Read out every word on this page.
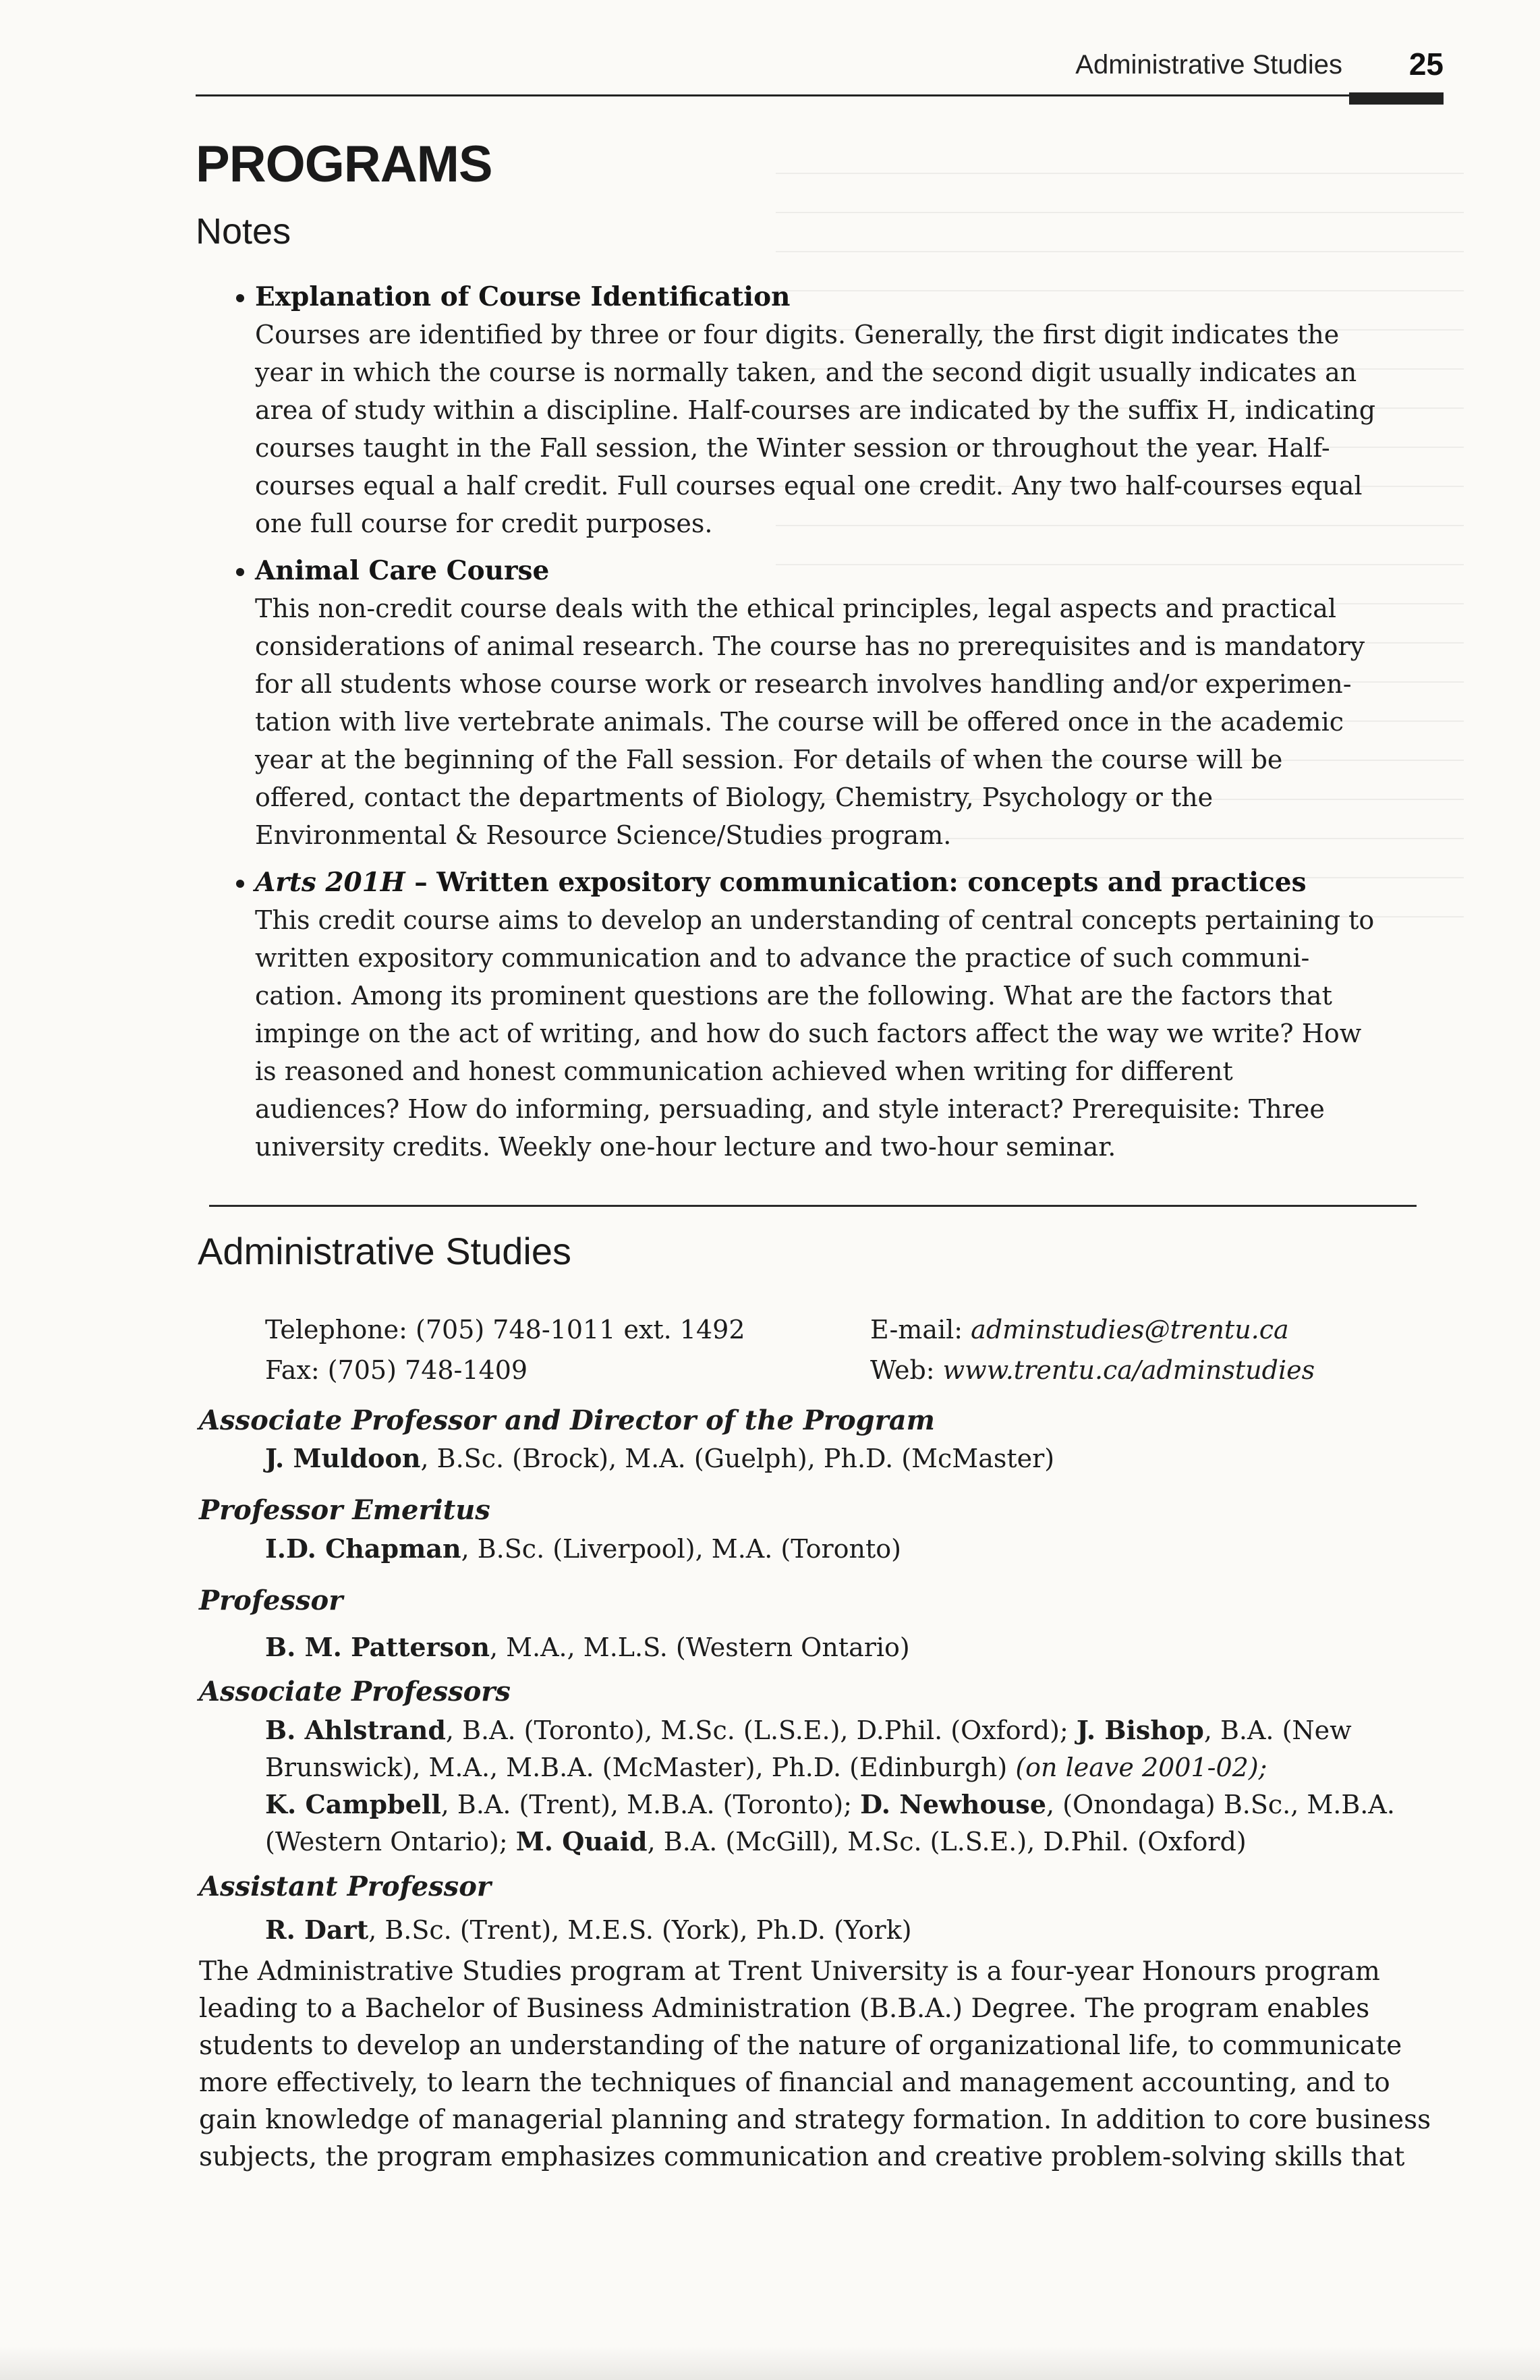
Administrative Studies 25
PROGRAMS
Notes
Explanation of Course Identification
Courses are identified by three or four digits. Generally, the first digit indicates the
year in which the course is normally taken, and the second digit usually indicates an
area of study within a discipline. Half-courses are indicated by the suffix H, indicating
courses taught in the Fall session, the Winter session or throughout the year. Half-
courses equal a half credit. Full courses equal one credit. Any two half-courses equal
one full course for credit purposes.
Animal Care Course
This non-credit course deals with the ethical principles, legal aspects and practical
considerations of animal research. The course has no prerequisites and is mandatory
for all students whose course work or research involves handling and/or experimen-
tation with live vertebrate animals. The course will be offered once in the academic
year at the beginning of the Fall session. For details of when the course will be
offered, contact the departments of Biology, Chemistry, Psychology or the
Environmental & Resource Science/Studies program.
Arts 201H – Written expository communication: concepts and practices
This credit course aims to develop an understanding of central concepts pertaining to
written expository communication and to advance the practice of such communi-
cation. Among its prominent questions are the following. What are the factors that
impinge on the act of writing, and how do such factors affect the way we write? How
is reasoned and honest communication achieved when writing for different
audiences? How do informing, persuading, and style interact? Prerequisite: Three
university credits. Weekly one-hour lecture and two-hour seminar.
Administrative Studies
Telephone: (705) 748-1011 ext. 1492
Fax: (705) 748-1409
E-mail: adminstudies@trentu.ca
Web: www.trentu.ca/adminstudies
Associate Professor and Director of the Program
J. Muldoon, B.Sc. (Brock), M.A. (Guelph), Ph.D. (McMaster)
Professor Emeritus
I.D. Chapman, B.Sc. (Liverpool), M.A. (Toronto)
Professor
B. M. Patterson, M.A., M.L.S. (Western Ontario)
Associate Professors
B. Ahlstrand, B.A. (Toronto), M.Sc. (L.S.E.), D.Phil. (Oxford); J. Bishop, B.A. (New
Brunswick), M.A., M.B.A. (McMaster), Ph.D. (Edinburgh) (on leave 2001-02);
K. Campbell, B.A. (Trent), M.B.A. (Toronto); D. Newhouse, (Onondaga) B.Sc., M.B.A.
(Western Ontario); M. Quaid, B.A. (McGill), M.Sc. (L.S.E.), D.Phil. (Oxford)
Assistant Professor
R. Dart, B.Sc. (Trent), M.E.S. (York), Ph.D. (York)
The Administrative Studies program at Trent University is a four-year Honours program
leading to a Bachelor of Business Administration (B.B.A.) Degree. The program enables
students to develop an understanding of the nature of organizational life, to communicate
more effectively, to learn the techniques of financial and management accounting, and to
gain knowledge of managerial planning and strategy formation. In addition to core business
subjects, the program emphasizes communication and creative problem-solving skills that
